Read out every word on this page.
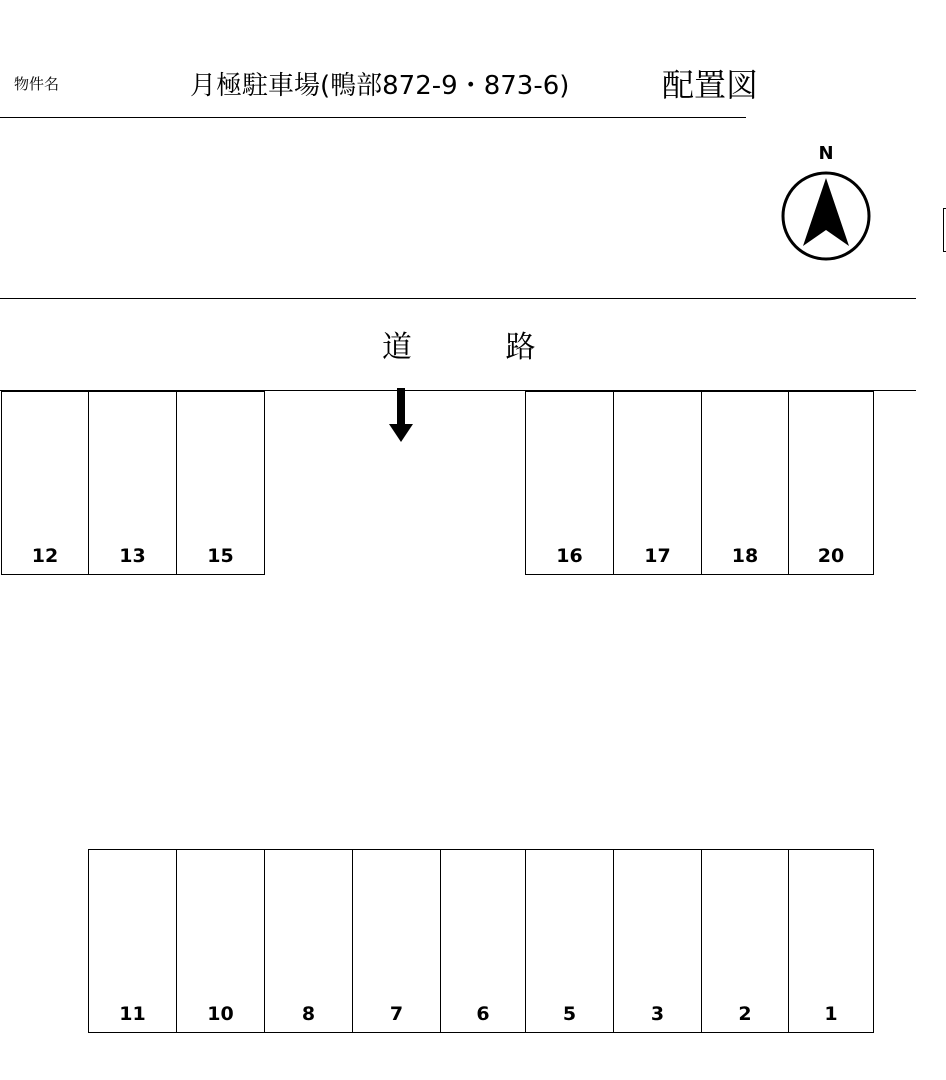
物件名	月極駐車場(鴨部872-9・873-6)	配置図
N
道 路
12	13	15	16	17	18	20
11	10	8	7	6	5	3	2	1
